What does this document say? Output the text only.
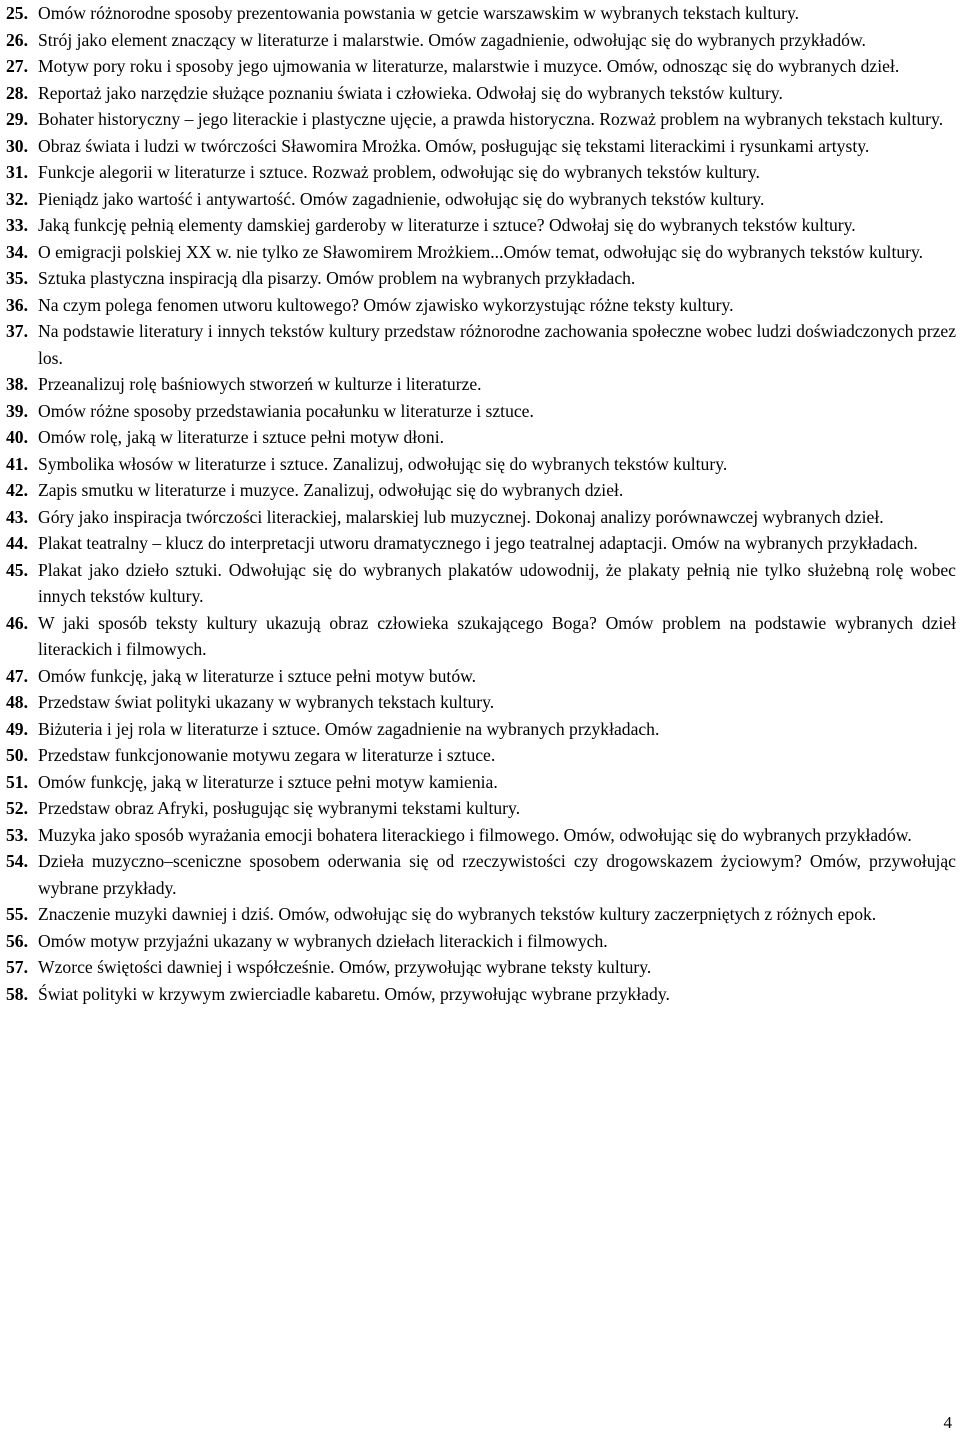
25. Omów różnorodne sposoby prezentowania powstania w getcie warszawskim w wybranych tekstach kultury.
26. Strój jako element znaczący w literaturze i malarstwie. Omów zagadnienie, odwołując się do wybranych przykładów.
27. Motyw pory roku i sposoby jego ujmowania w literaturze, malarstwie i muzyce. Omów, odnosząc się do wybranych dzieł.
28. Reportaż jako narzędzie służące poznaniu świata i człowieka. Odwołaj się do wybranych tekstów kultury.
29. Bohater historyczny – jego literackie i plastyczne ujęcie, a prawda historyczna. Rozważ problem na wybranych tekstach kultury.
30. Obraz świata i ludzi w twórczości Sławomira Mrożka. Omów, posługując się tekstami literackimi i rysunkami artysty.
31. Funkcje alegorii w literaturze i sztuce. Rozważ problem, odwołując się do wybranych tekstów kultury.
32. Pieniądz jako wartość i antywartość. Omów zagadnienie, odwołując się do wybranych tekstów kultury.
33. Jaką funkcję pełnią elementy damskiej garderoby w literaturze i sztuce? Odwołaj się do wybranych tekstów kultury.
34. O emigracji polskiej XX w. nie tylko ze Sławomirem Mrożkiem...Omów temat, odwołując się do wybranych tekstów kultury.
35. Sztuka plastyczna inspiracją dla pisarzy. Omów problem na wybranych przykładach.
36. Na czym polega fenomen utworu kultowego? Omów zjawisko wykorzystując różne teksty kultury.
37. Na podstawie literatury i innych tekstów kultury przedstaw różnorodne zachowania społeczne wobec ludzi doświadczonych przez los.
38. Przeanalizuj rolę baśniowych stworzeń w kulturze i literaturze.
39. Omów różne sposoby przedstawiania pocałunku w literaturze i sztuce.
40. Omów rolę, jaką w literaturze i sztuce pełni motyw dłoni.
41. Symbolika włosów w literaturze i sztuce. Zanalizuj, odwołując się do wybranych tekstów kultury.
42. Zapis smutku w literaturze i muzyce. Zanalizuj, odwołując się do wybranych dzieł.
43. Góry jako inspiracja twórczości literackiej, malarskiej lub muzycznej. Dokonaj analizy porównawczej wybranych dzieł.
44. Plakat teatralny – klucz do interpretacji utworu dramatycznego i jego teatralnej adaptacji. Omów na wybranych przykładach.
45. Plakat jako dzieło sztuki. Odwołując się do wybranych plakatów udowodnij, że plakaty pełnią nie tylko służebną rolę wobec innych tekstów kultury.
46. W jaki sposób teksty kultury ukazują obraz człowieka szukającego Boga? Omów problem na podstawie wybranych dzieł literackich i filmowych.
47. Omów funkcję, jaką w literaturze i sztuce pełni motyw butów.
48. Przedstaw świat polityki ukazany w wybranych tekstach kultury.
49. Biżuteria i jej rola w literaturze i sztuce. Omów zagadnienie na wybranych przykładach.
50. Przedstaw funkcjonowanie motywu zegara w literaturze i sztuce.
51. Omów funkcję, jaką w literaturze i sztuce pełni motyw kamienia.
52. Przedstaw obraz Afryki, posługując się wybranymi tekstami kultury.
53. Muzyka jako sposób wyrażania emocji bohatera literackiego i filmowego. Omów, odwołując się do wybranych przykładów.
54. Dzieła muzyczno–sceniczne sposobem oderwania się od rzeczywistości czy drogowskazem życiowym? Omów, przywołując wybrane przykłady.
55. Znaczenie muzyki dawniej i dziś. Omów, odwołując się do wybranych tekstów kultury zaczerpniętych z różnych epok.
56. Omów motyw przyjaźni ukazany w wybranych dziełach literackich i filmowych.
57. Wzorce świętości dawniej i współcześnie. Omów, przywołując wybrane teksty kultury.
58. Świat polityki w krzywym zwierciadle kabaretu. Omów, przywołując wybrane przykłady.
4
